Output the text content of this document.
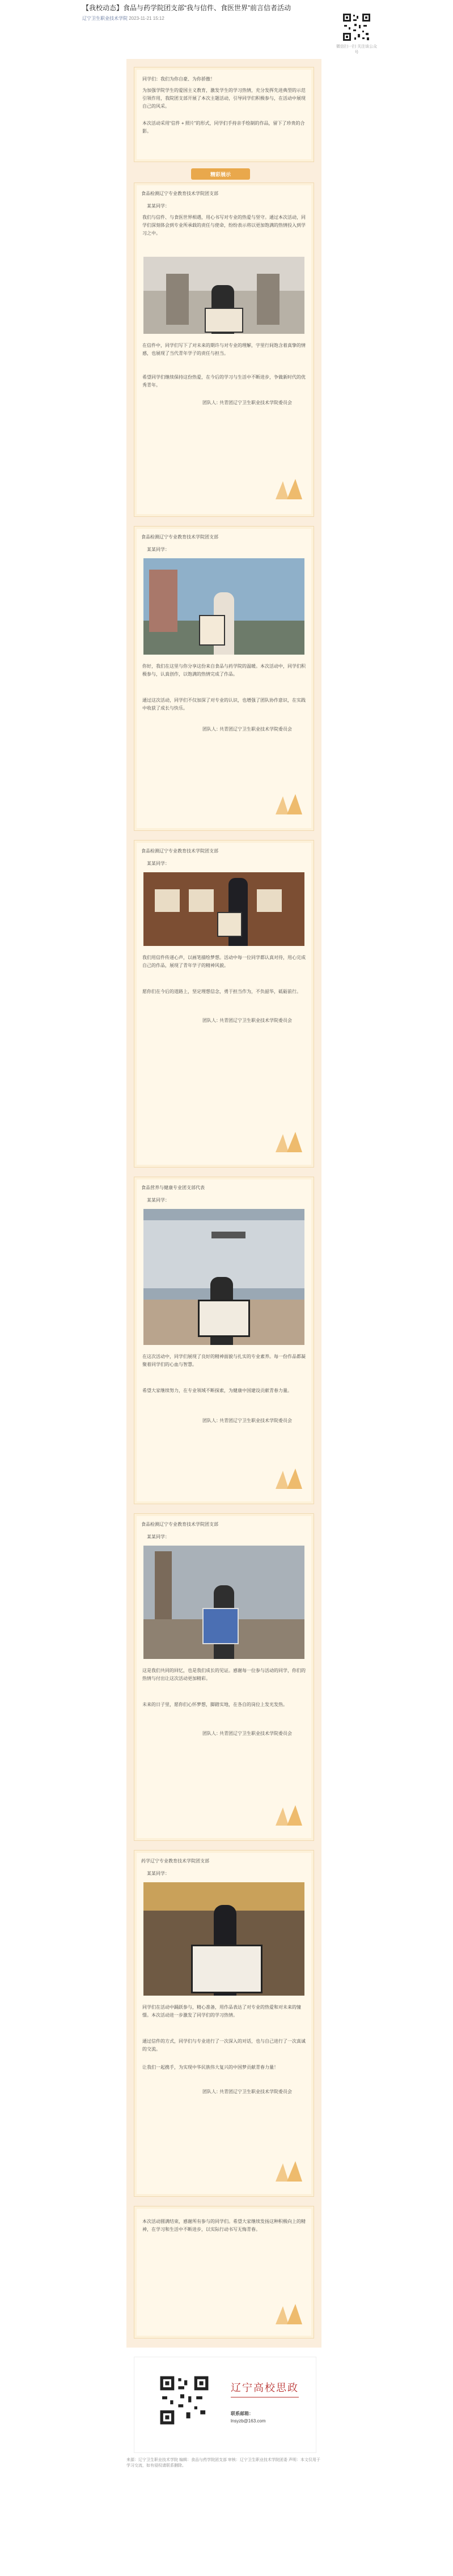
【我校动态】食品与药学院团支部“我与信件、食医世界”前言信者活动
辽宁卫生职业技术学院 2023-11-21 15:12
微信扫一扫 关注该公众号
同学们：我们为你自豪、为你骄傲！
为加强学院学生的爱国主义教育，激发学生的学习热情，充分发挥先进典型的示范引领作用，我院团支部开展了本次主题活动，引导同学们积极参与，在活动中展现自己的风采。
本次活动采用“信件 + 照片”的形式，同学们手持亲手绘制的作品，留下了珍贵的合影。
精彩展示
食品检测辽宁专业教育技术学院团支部
某某同学：
我们与信件、与食医世界相遇，用心书写对专业的热爱与坚守。通过本次活动，同学们深刻体会到专业所承载的责任与使命，纷纷表示将以更加饱满的热情投入到学习之中。
在信件中，同学们写下了对未来的期许与对专业的理解，字里行间饱含着真挚的情感，也展现了当代青年学子的责任与担当。
希望同学们继续保持这份热爱，在今后的学习与生活中不断进步，争做新时代的优秀青年。
团队人：
共青团辽宁卫生职业技术学院委员会
食品检测辽宁专业教育技术学院团支部
某某同学：
你好，我们在这里与你分享这份来自食品与药学院的温暖。本次活动中，同学们积极参与，认真创作，以饱满的热情完成了作品。
通过这次活动，同学们不仅加深了对专业的认识，也增强了团队协作意识，在实践中收获了成长与快乐。
团队人：
共青团辽宁卫生职业技术学院委员会
食品检测辽宁专业教育技术学院团支部
某某同学：
我们用信件传递心声，以画笔描绘梦想。活动中每一位同学都认真对待，用心完成自己的作品，展现了青年学子的精神风貌。
愿你们在今后的道路上，坚定理想信念，勇于担当作为，不负韶华，砥砺前行。
团队人：
共青团辽宁卫生职业技术学院委员会
食品营养与健康专业团支部代表
某某同学：
在这次活动中，同学们展现了良好的精神面貌与扎实的专业素养。每一份作品都凝聚着同学们的心血与智慧。
希望大家继续努力，在专业领域不断探索，为健康中国建设贡献青春力量。
团队人：
共青团辽宁卫生职业技术学院委员会
食品检测辽宁专业教育技术学院团支部
某某同学：
这是我们共同的回忆，也是我们成长的见证。感谢每一位参与活动的同学，你们的热情与付出让这次活动更加精彩。
未来的日子里，愿你们心怀梦想，脚踏实地，在各自的岗位上发光发热。
团队人：
共青团辽宁卫生职业技术学院委员会
药学辽宁专业教育技术学院团支部
某某同学：
同学们在活动中踊跃参与，精心准备，用作品表达了对专业的热爱和对未来的憧憬。本次活动进一步激发了同学们的学习热情。
通过信件的方式，同学们与专业进行了一次深入的对话，也与自己进行了一次真诚的交流。
让我们一起携手，为实现中华民族伟大复兴的中国梦贡献青春力量！
团队人：
共青团辽宁卫生职业技术学院委员会
本次活动圆满结束，感谢所有参与的同学们。希望大家继续发扬这种积极向上的精神，在学习和生活中不断进步，以实际行动书写无悔青春。
辽宁高校思政
联系邮箱：
lnsyzb@163.com
来源：辽宁卫生职业技术学院 编辑：食品与药学院团支部 审核：辽宁卫生职业技术学院团委 声明：本文仅用于学习交流，如有侵权请联系删除。
